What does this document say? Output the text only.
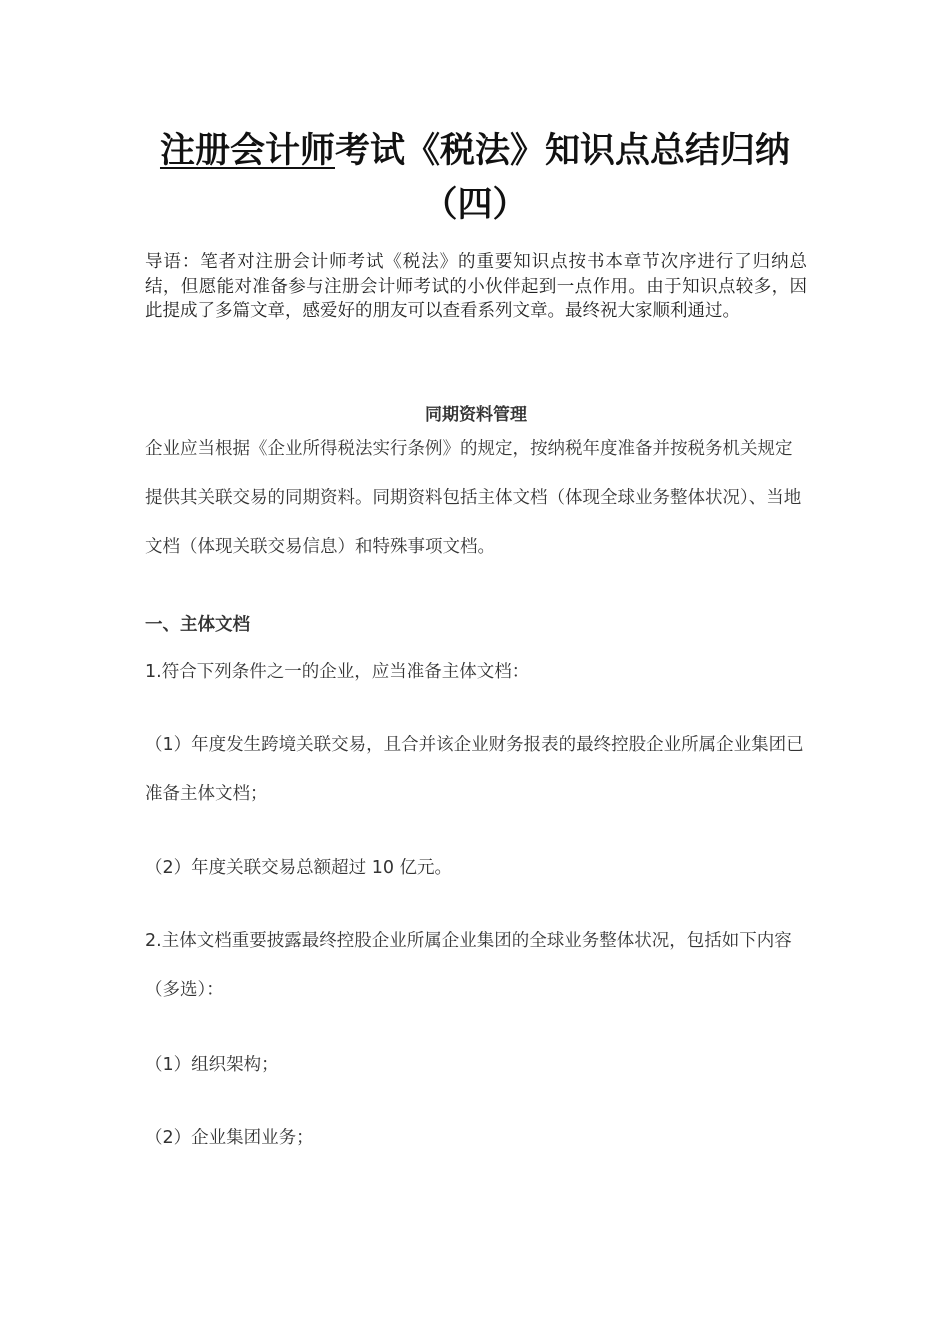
注册会计师考试《税法》知识点总结归纳
（四）

导语：笔者对注册会计师考试《税法》的重要知识点按书本章节次序进行了归纳总结，但愿能对准备参与注册会计师考试的小伙伴起到一点作用。由于知识点较多，因此提成了多篇文章，感爱好的朋友可以查看系列文章。最终祝大家顺利通过。

同期资料管理

企业应当根据《企业所得税法实行条例》的规定，按纳税年度准备并按税务机关规定提供其关联交易的同期资料。同期资料包括主体文档（体现全球业务整体状况）、当地文档（体现关联交易信息）和特殊事项文档。

一、主体文档

1.符合下列条件之一的企业，应当准备主体文档：

（1）年度发生跨境关联交易，且合并该企业财务报表的最终控股企业所属企业集团已准备主体文档；

（2）年度关联交易总额超过 10 亿元。

2.主体文档重要披露最终控股企业所属企业集团的全球业务整体状况，包括如下内容（多选）：

（1）组织架构；

（2）企业集团业务；
